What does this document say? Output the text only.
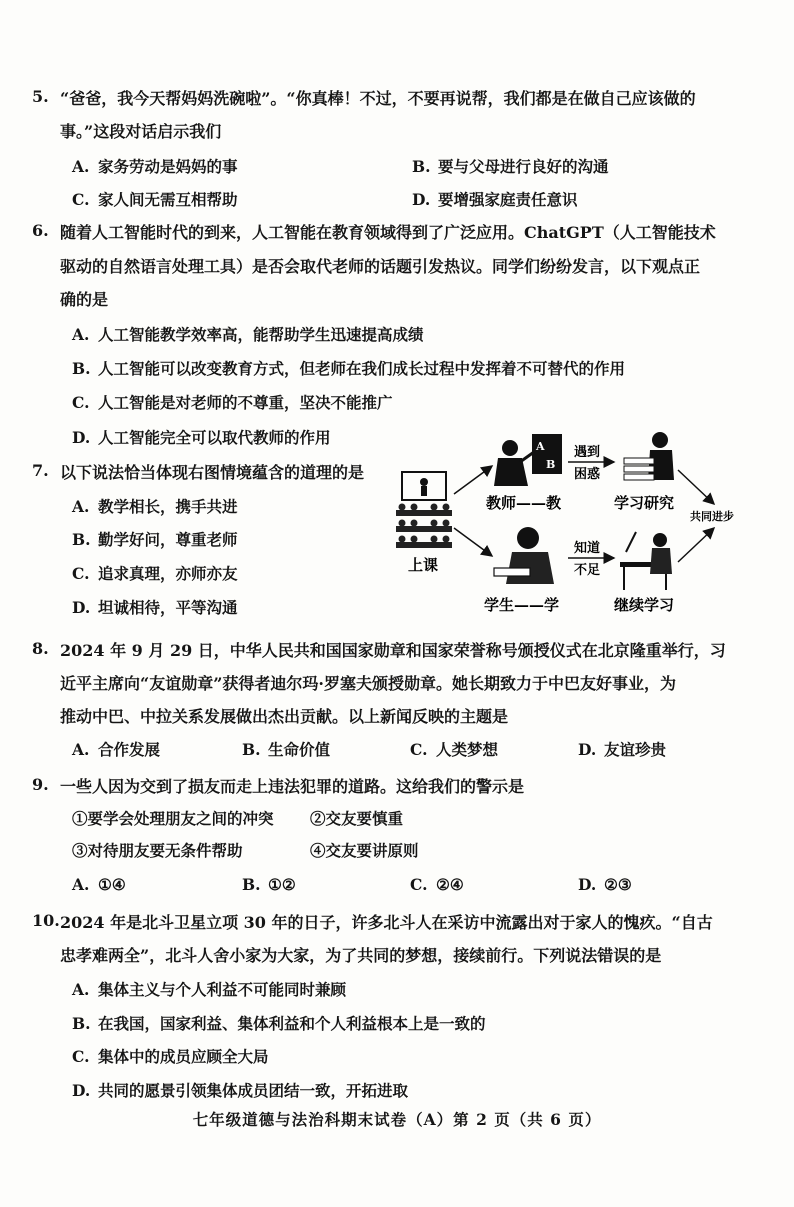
5. “爸爸，我今天帮妈妈洗碗啦”。“你真棒！不过，不要再说帮，我们都是在做自己应该做的
事。”这段对话启示我们
A. 家务劳动是妈妈的事	B. 要与父母进行良好的沟通
C. 家人间无需互相帮助	D. 要增强家庭责任意识
6. 随着人工智能时代的到来，人工智能在教育领域得到了广泛应用。ChatGPT（人工智能技术
驱动的自然语言处理工具）是否会取代老师的话题引发热议。同学们纷纷发言，以下观点正
确的是
A. 人工智能教学效率高，能帮助学生迅速提高成绩
B. 人工智能可以改变教育方式，但老师在我们成长过程中发挥着不可替代的作用
C. 人工智能是对老师的不尊重，坚决不能推广
D. 人工智能完全可以取代教师的作用
7. 以下说法恰当体现右图情境蕴含的道理的是
A. 教学相长，携手共进
B. 勤学好问，尊重老师
C. 追求真理，亦师亦友
D. 坦诚相待，平等沟通
上课
A
B
教师——教
学生——学
遇到
困惑
学习研究
知道
不足
继续学习
共同进步
8. 2024 年 9 月 29 日，中华人民共和国国家勋章和国家荣誉称号颁授仪式在北京隆重举行，习
近平主席向“友谊勋章”获得者迪尔玛·罗塞夫颁授勋章。她长期致力于中巴友好事业，为
推动中巴、中拉关系发展做出杰出贡献。以上新闻反映的主题是
A. 合作发展	B. 生命价值	C. 人类梦想	D. 友谊珍贵
9. 一些人因为交到了损友而走上违法犯罪的道路。这给我们的警示是
①要学会处理朋友之间的冲突 ②交友要慎重
③对待朋友要无条件帮助	④交友要讲原则
A. ①④	B. ①②	C. ②④	D. ②③
10. 2024 年是北斗卫星立项 30 年的日子，许多北斗人在采访中流露出对于家人的愧疚。“自古
忠孝难两全”，北斗人舍小家为大家，为了共同的梦想，接续前行。下列说法错误的是
A. 集体主义与个人利益不可能同时兼顾
B. 在我国，国家利益、集体利益和个人利益根本上是一致的
C. 集体中的成员应顾全大局
D. 共同的愿景引领集体成员团结一致，开拓进取
七年级道德与法治科期末试卷（A）第 2 页（共 6 页）
